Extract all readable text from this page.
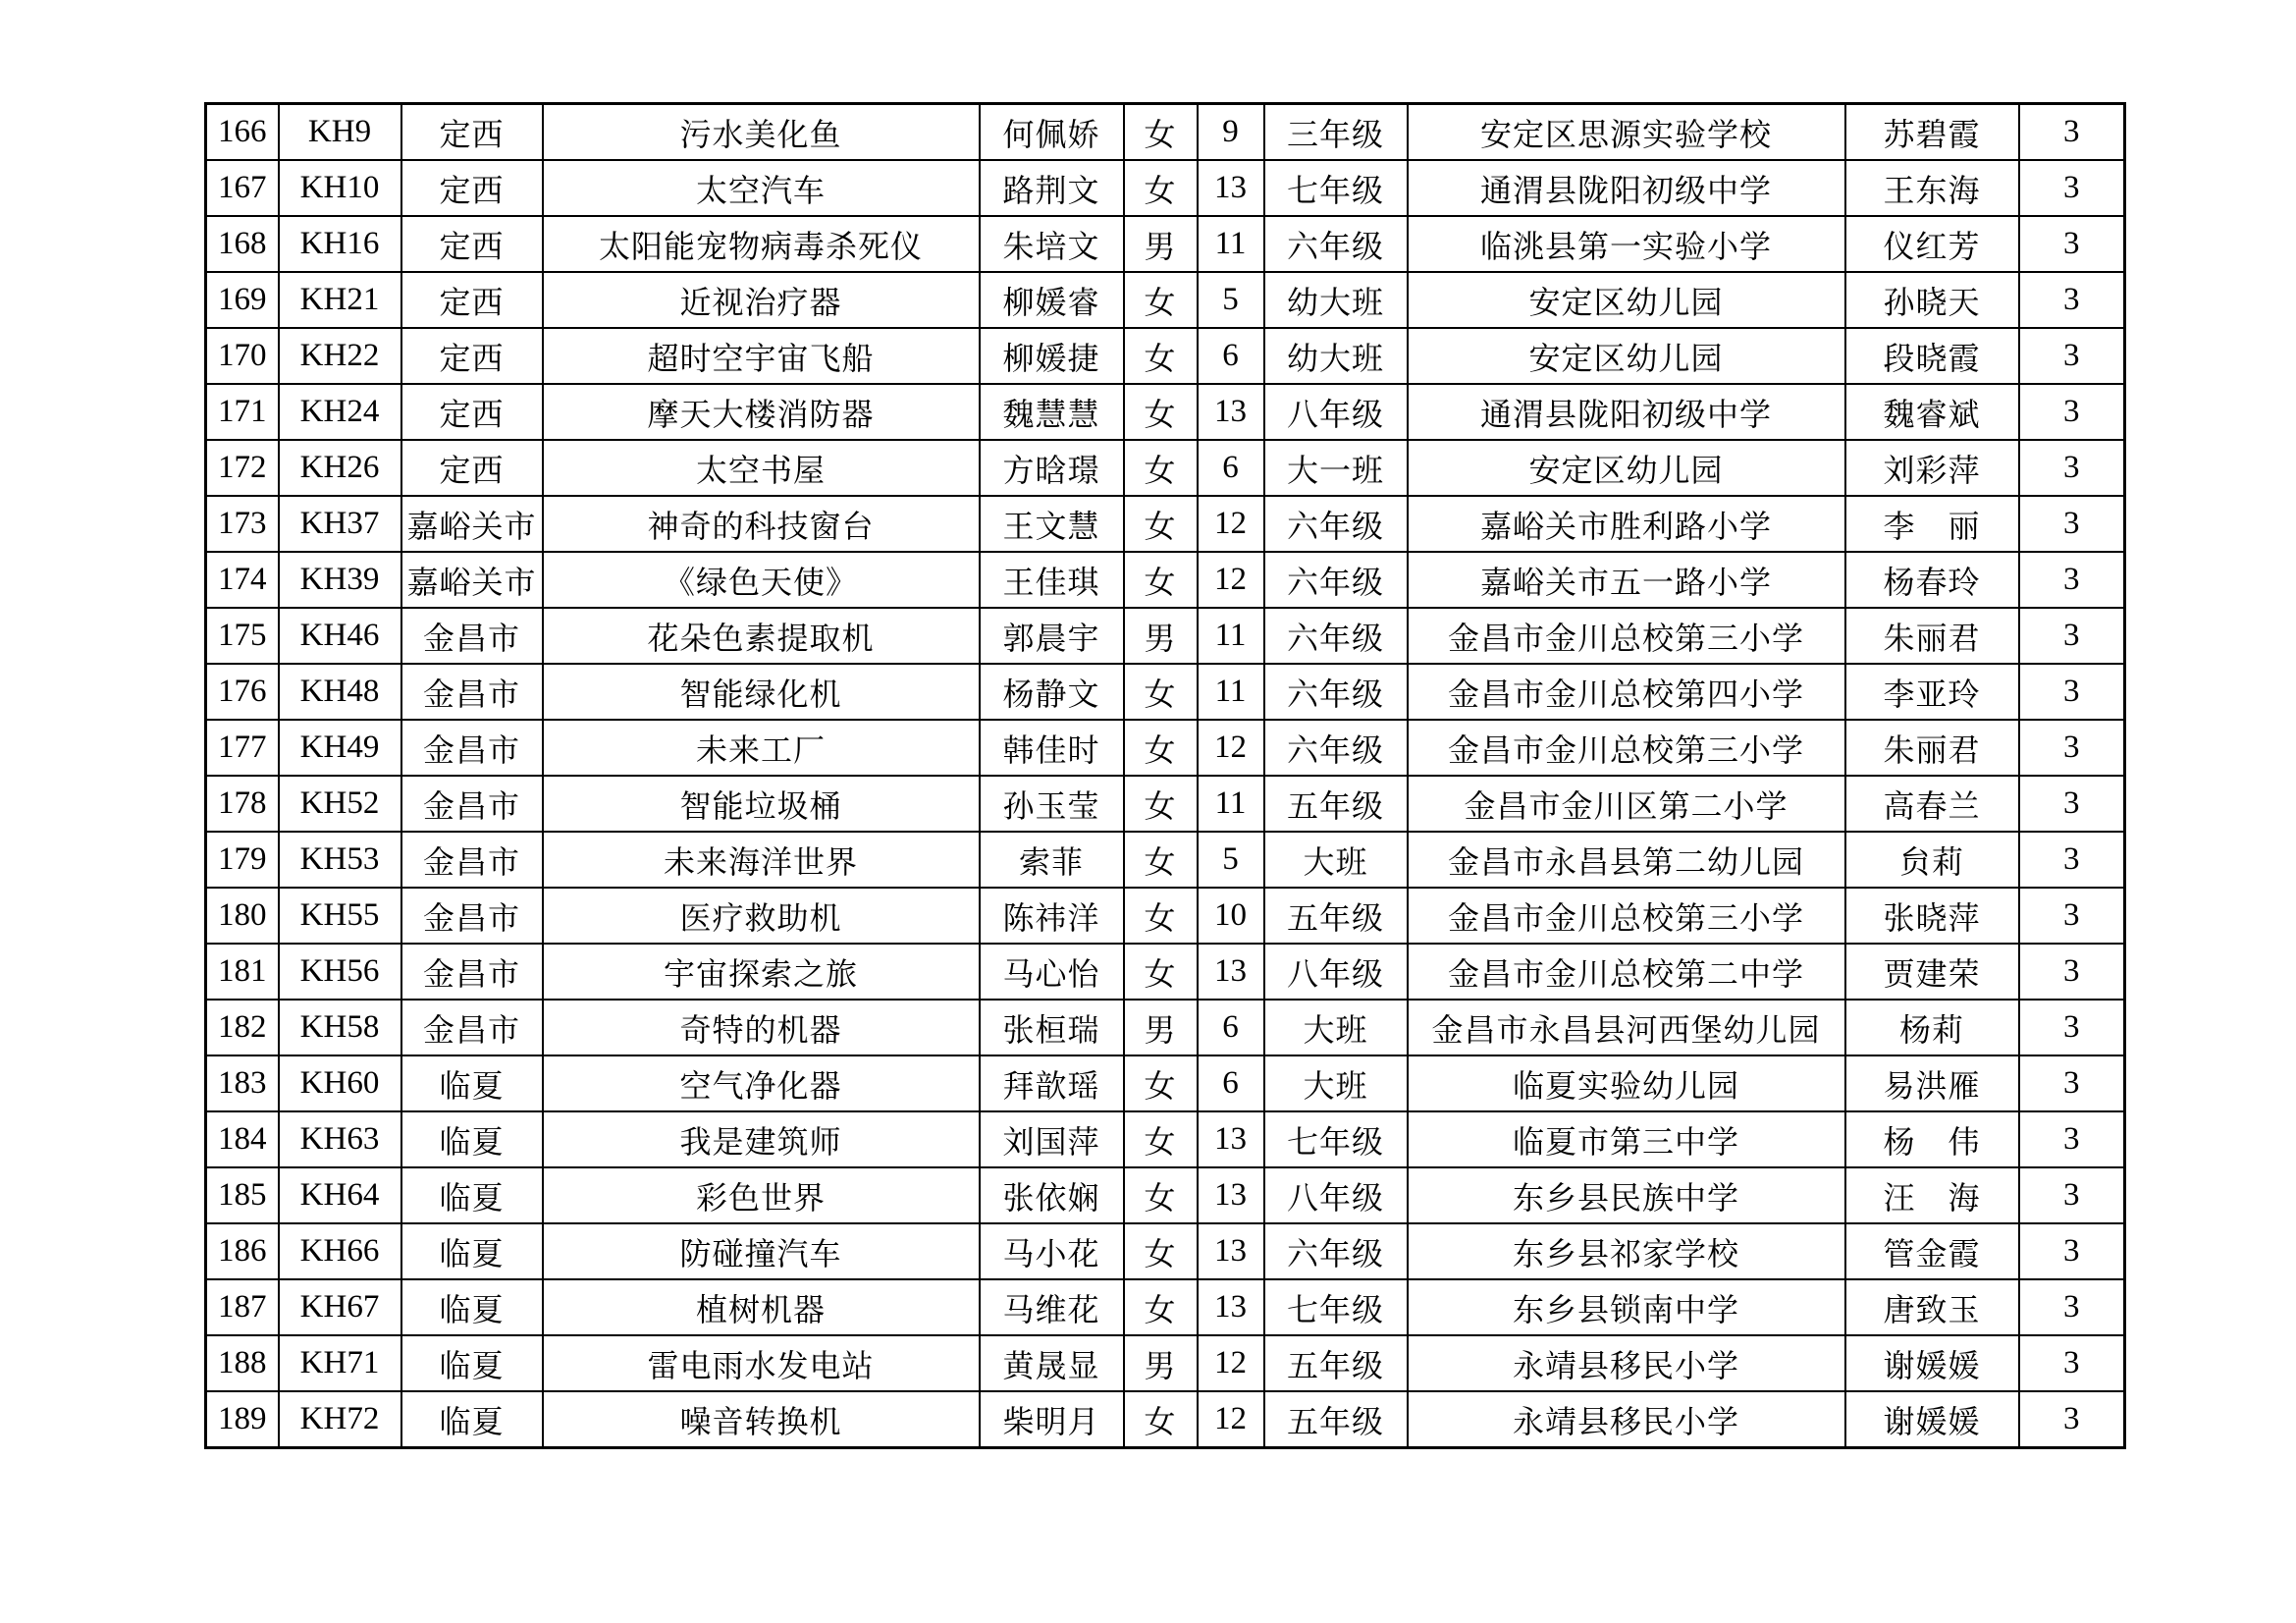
166	KH9	定西	污水美化鱼	何佩娇	女	9	三年级	安定区思源实验学校	苏碧霞	3
167	KH10	定西	太空汽车	路荆文	女	13	七年级	通渭县陇阳初级中学	王东海	3
168	KH16	定西	太阳能宠物病毒杀死仪	朱培文	男	11	六年级	临洮县第一实验小学	仪红芳	3
169	KH21	定西	近视治疗器	柳媛睿	女	5	幼大班	安定区幼儿园	孙晓天	3
170	KH22	定西	超时空宇宙飞船	柳媛捷	女	6	幼大班	安定区幼儿园	段晓霞	3
171	KH24	定西	摩天大楼消防器	魏慧慧	女	13	八年级	通渭县陇阳初级中学	魏睿斌	3
172	KH26	定西	太空书屋	方晗璟	女	6	大一班	安定区幼儿园	刘彩萍	3
173	KH37	嘉峪关市	神奇的科技窗台	王文慧	女	12	六年级	嘉峪关市胜利路小学	李　丽	3
174	KH39	嘉峪关市	《绿色天使》	王佳琪	女	12	六年级	嘉峪关市五一路小学	杨春玲	3
175	KH46	金昌市	花朵色素提取机	郭晨宇	男	11	六年级	金昌市金川总校第三小学	朱丽君	3
176	KH48	金昌市	智能绿化机	杨静文	女	11	六年级	金昌市金川总校第四小学	李亚玲	3
177	KH49	金昌市	未来工厂	韩佳时	女	12	六年级	金昌市金川总校第三小学	朱丽君	3
178	KH52	金昌市	智能垃圾桶	孙玉莹	女	11	五年级	金昌市金川区第二小学	高春兰	3
179	KH53	金昌市	未来海洋世界	索菲	女	5	大班	金昌市永昌县第二幼儿园	贠莉	3
180	KH55	金昌市	医疗救助机	陈祎洋	女	10	五年级	金昌市金川总校第三小学	张晓萍	3
181	KH56	金昌市	宇宙探索之旅	马心怡	女	13	八年级	金昌市金川总校第二中学	贾建荣	3
182	KH58	金昌市	奇特的机器	张桓瑞	男	6	大班	金昌市永昌县河西堡幼儿园	杨莉	3
183	KH60	临夏	空气净化器	拜歆瑶	女	6	大班	临夏实验幼儿园	易洪雁	3
184	KH63	临夏	我是建筑师	刘国萍	女	13	七年级	临夏市第三中学	杨　伟	3
185	KH64	临夏	彩色世界	张依娴	女	13	八年级	东乡县民族中学	汪　海	3
186	KH66	临夏	防碰撞汽车	马小花	女	13	六年级	东乡县祁家学校	管金霞	3
187	KH67	临夏	植树机器	马维花	女	13	七年级	东乡县锁南中学	唐致玉	3
188	KH71	临夏	雷电雨水发电站	黄晟显	男	12	五年级	永靖县移民小学	谢媛媛	3
189	KH72	临夏	噪音转换机	柴明月	女	12	五年级	永靖县移民小学	谢媛媛	3
